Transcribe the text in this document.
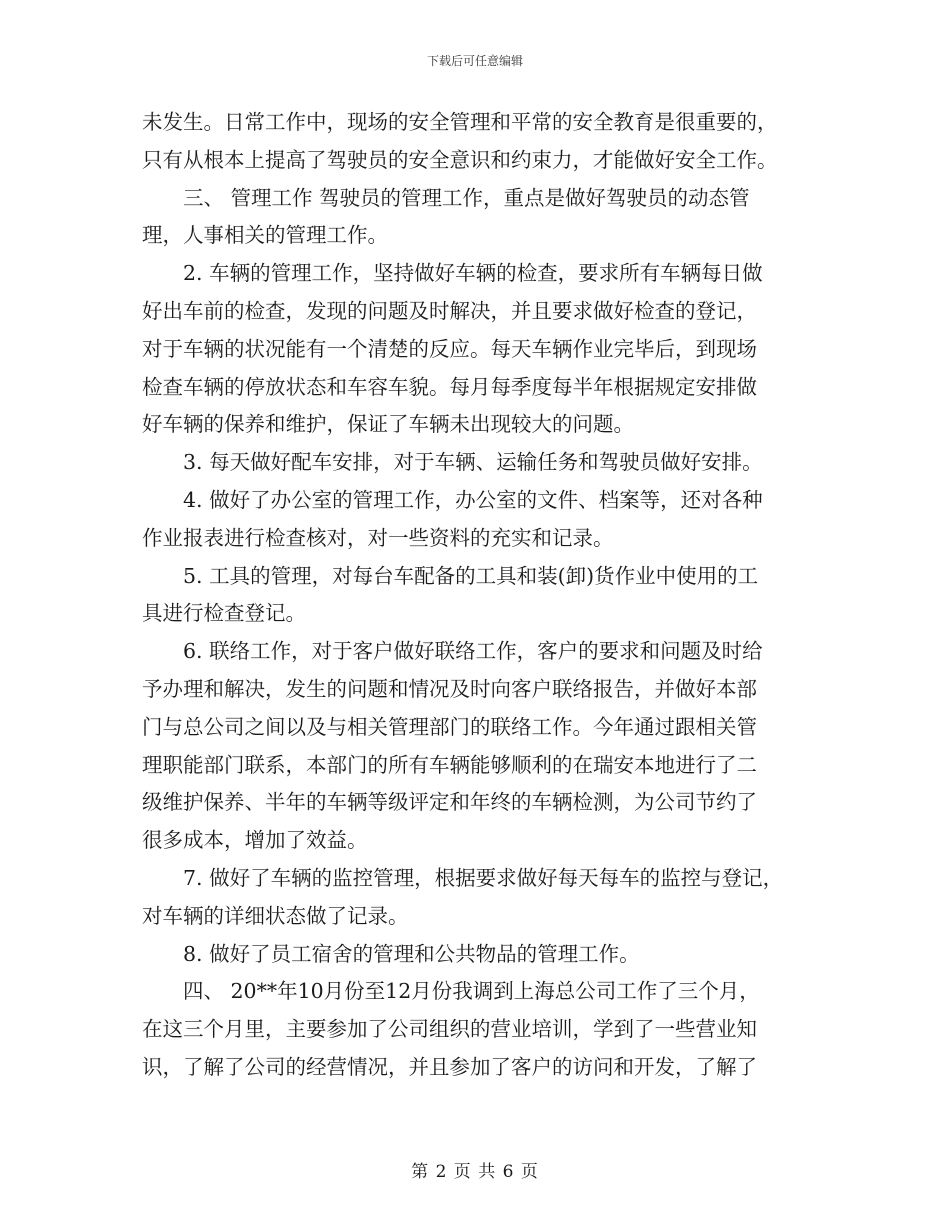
下载后可任意编辑

未发生。日常工作中，现场的安全管理和平常的安全教育是很重要的，
只有从根本上提高了驾驶员的安全意识和约束力，才能做好安全工作。

三、 管理工作 驾驶员的管理工作，重点是做好驾驶员的动态管
理，人事相关的管理工作。

2. 车辆的管理工作，坚持做好车辆的检查，要求所有车辆每日做
好出车前的检查，发现的问题及时解决，并且要求做好检查的登记，
对于车辆的状况能有一个清楚的反应。每天车辆作业完毕后，到现场
检查车辆的停放状态和车容车貌。每月每季度每半年根据规定安排做
好车辆的保养和维护，保证了车辆未出现较大的问题。

3. 每天做好配车安排，对于车辆、运输任务和驾驶员做好安排。

4. 做好了办公室的管理工作，办公室的文件、档案等，还对各种
作业报表进行检查核对，对一些资料的充实和记录。

5. 工具的管理，对每台车配备的工具和装(卸)货作业中使用的工
具进行检查登记。

6. 联络工作，对于客户做好联络工作，客户的要求和问题及时给
予办理和解决，发生的问题和情况及时向客户联络报告，并做好本部
门与总公司之间以及与相关管理部门的联络工作。今年通过跟相关管
理职能部门联系，本部门的所有车辆能够顺利的在瑞安本地进行了二
级维护保养、半年的车辆等级评定和年终的车辆检测，为公司节约了
很多成本，增加了效益。

7. 做好了车辆的监控管理，根据要求做好每天每车的监控与登记，
对车辆的详细状态做了记录。

8. 做好了员工宿舍的管理和公共物品的管理工作。

四、 20**年10月份至12月份我调到上海总公司工作了三个月，
在这三个月里，主要参加了公司组织的营业培训，学到了一些营业知
识，了解了公司的经营情况，并且参加了客户的访问和开发，了解了

第 2 页 共 6 页
